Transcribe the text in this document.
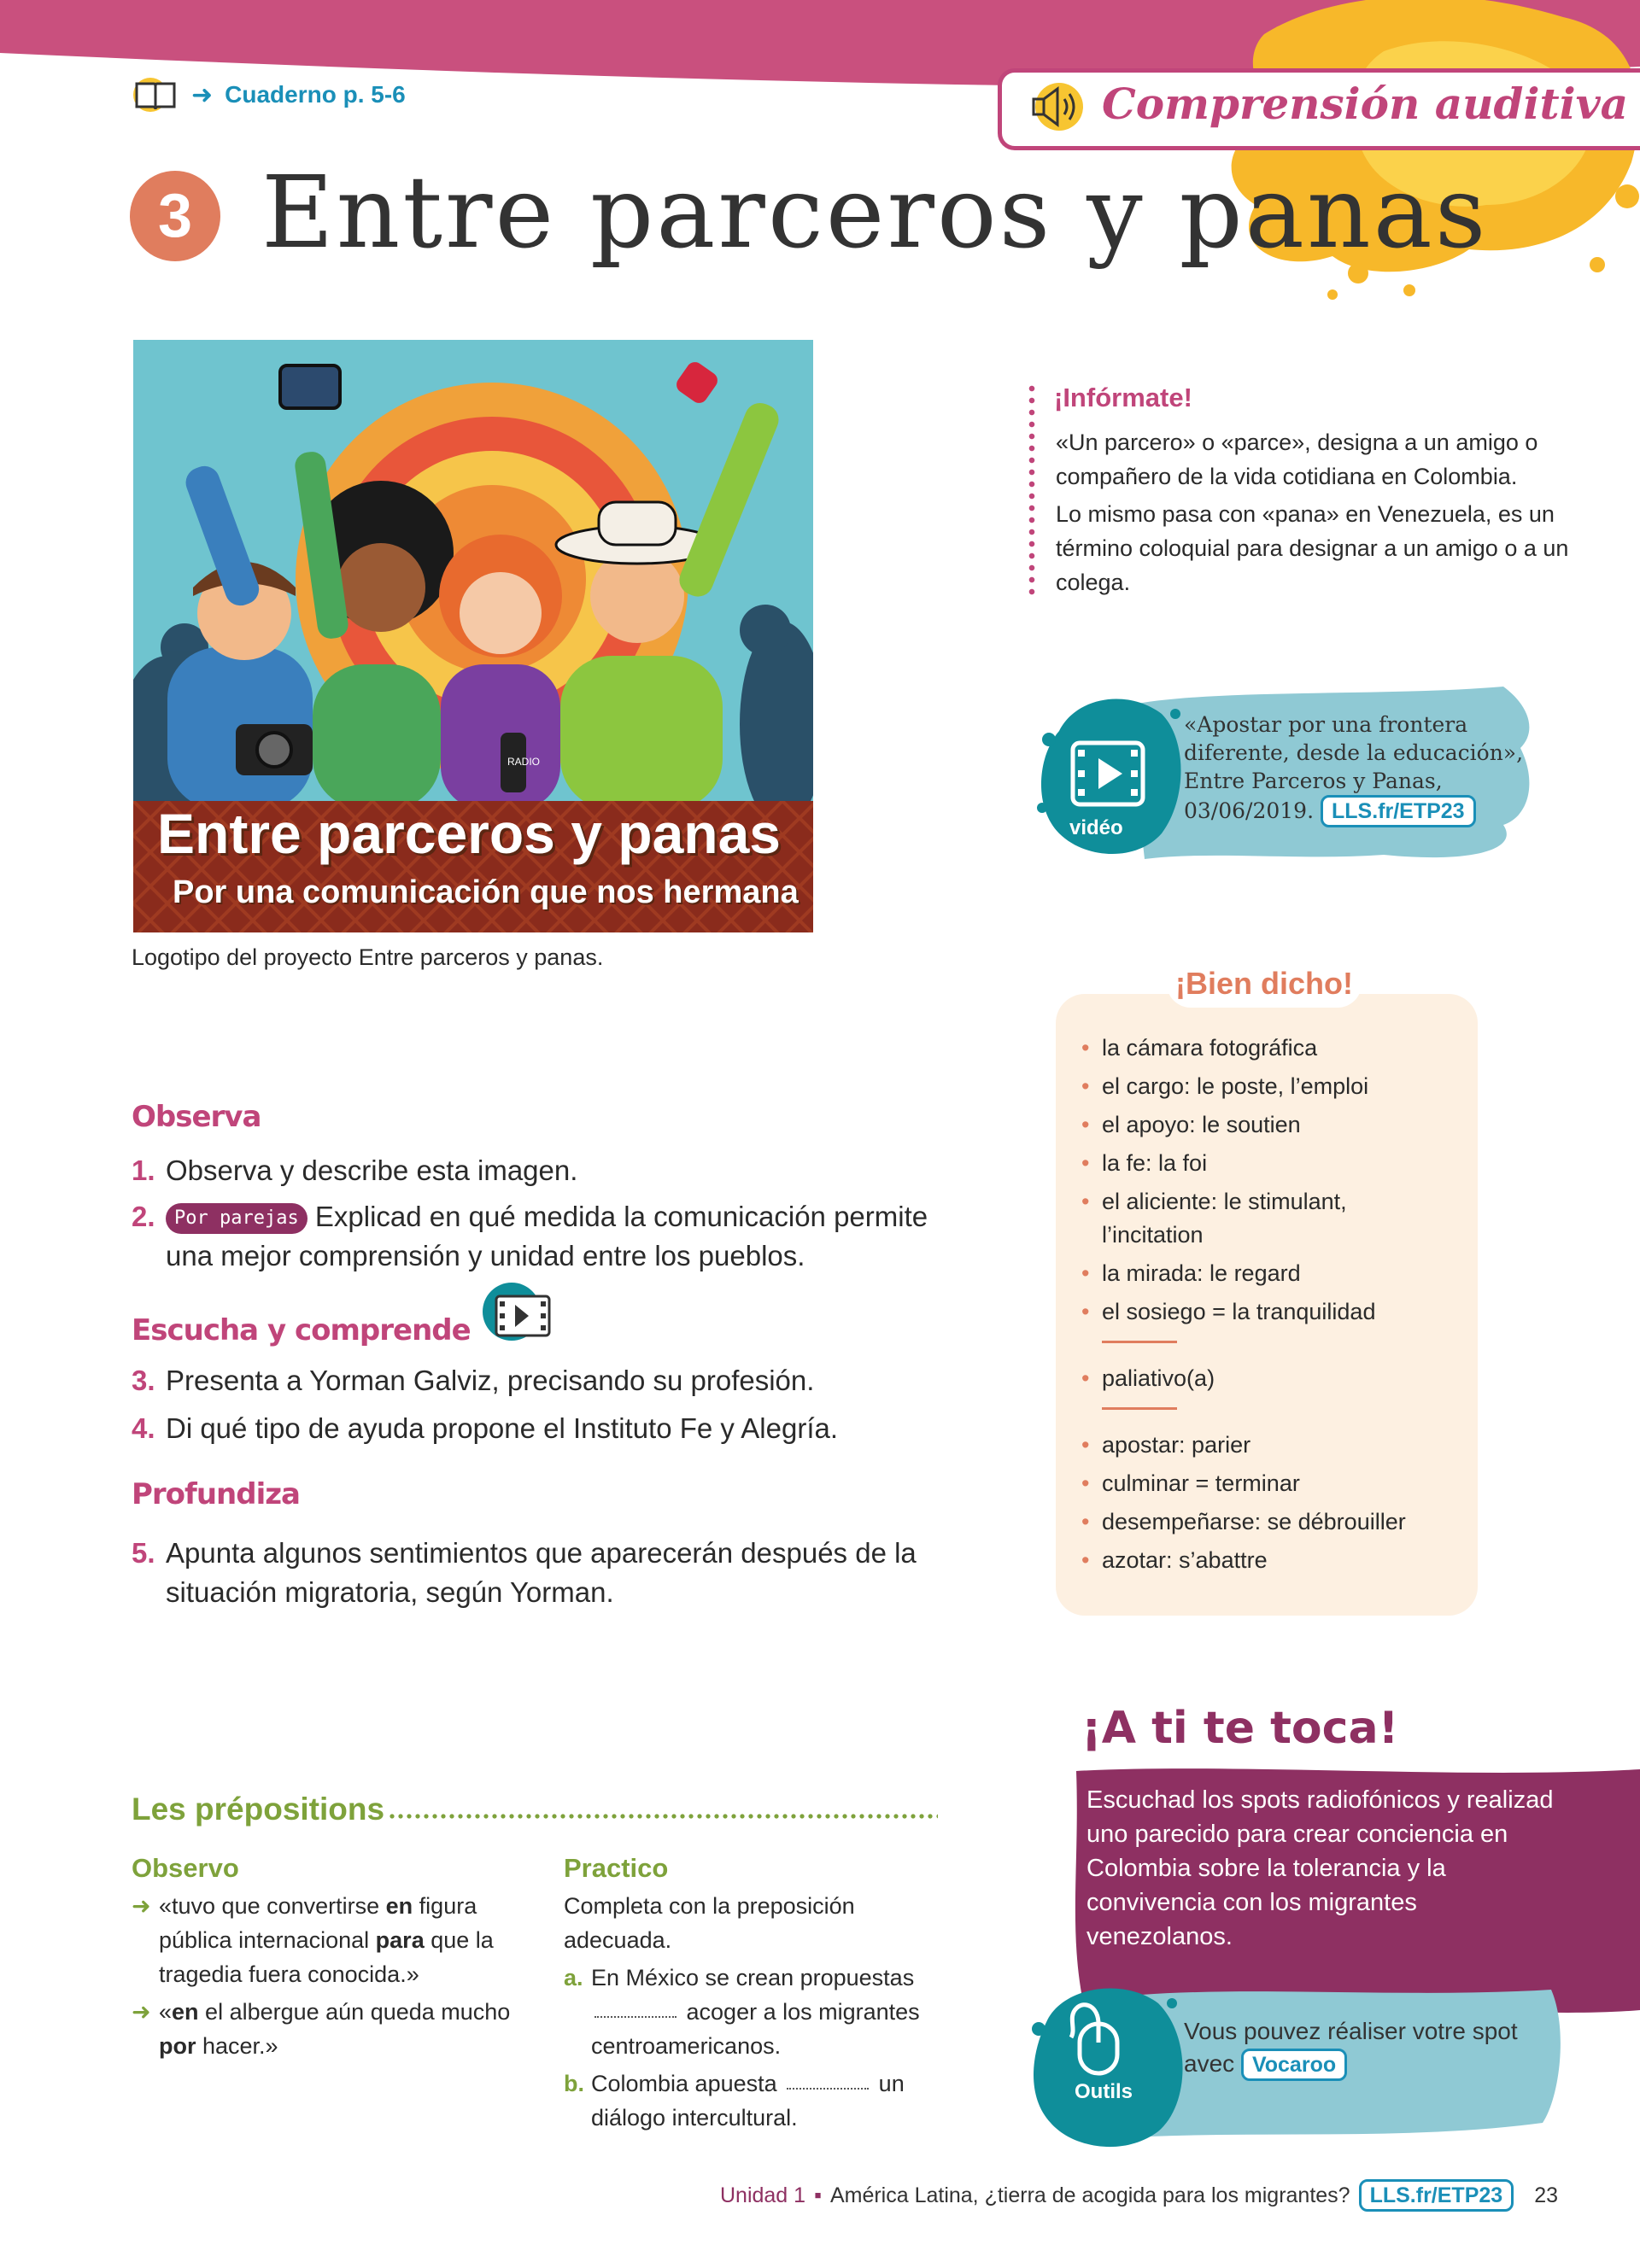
Comprensión auditiva
➜ Cuaderno p. 5-6
3 Entre parceros y panas
RADIO
Entre parceros y panas
Por una comunicación que nos hermana
Logotipo del proyecto Entre parceros y panas.
¡Infórmate!

«Un parcero» o «parce», designa a un amigo o compañero de la vida cotidiana en Colombia.

Lo mismo pasa con «pana» en Venezuela, es un término coloquial para designar a un amigo o a un colega.

vidéo
«Apostar por una frontera diferente, desde la educación», Entre Parceros y Panas, 03/06/2019. LLS.fr/ETP23
¡Bien dicho!
• la cámara fotográfica
• el cargo: le poste, l’emploi
• el apoyo: le soutien
• la fe: la foi
• el aliciente: le stimulant, l’incitation
• la mirada: le regard
• el sosiego = la tranquilidad
• paliativo(a)
• apostar: parier
• culminar = terminar
• desempeñarse: se débrouiller
• azotar: s’abattre
Observa
1. Observa y describe esta imagen.
2. Por parejas Explicad en qué medida la comunicación permite una mejor comprensión y unidad entre los pueblos.
Escucha y comprende
3. Presenta a Yorman Galviz, precisando su profesión.
4. Di qué tipo de ayuda propone el Instituto Fe y Alegría.
Profundiza
5. Apunta algunos sentimientos que aparecerán después de la situación migratoria, según Yorman.
Les prépositions
Observo
➜ «tuvo que convertirse en figura pública internacional para que la tragedia fuera conocida.»
➜ «en el albergue aún queda mucho por hacer.»
Practico

Completa con la preposición adecuada.

a. En México se crean propuestas
acoger a los migrantes centroamericanos.
b. Colombia apuesta	un diálogo intercultural.
¡A ti te toca!
Escuchad los spots radiofónicos y realizad uno parecido para crear conciencia en Colombia sobre la tolerancia y la convivencia con los migrantes venezolanos.
Outils
Vous pouvez réaliser votre spot avec Vocaroo
Unidad 1 ▪ América Latina, ¿tierra de acogida para los migrantes? LLS.fr/ETP23	23
